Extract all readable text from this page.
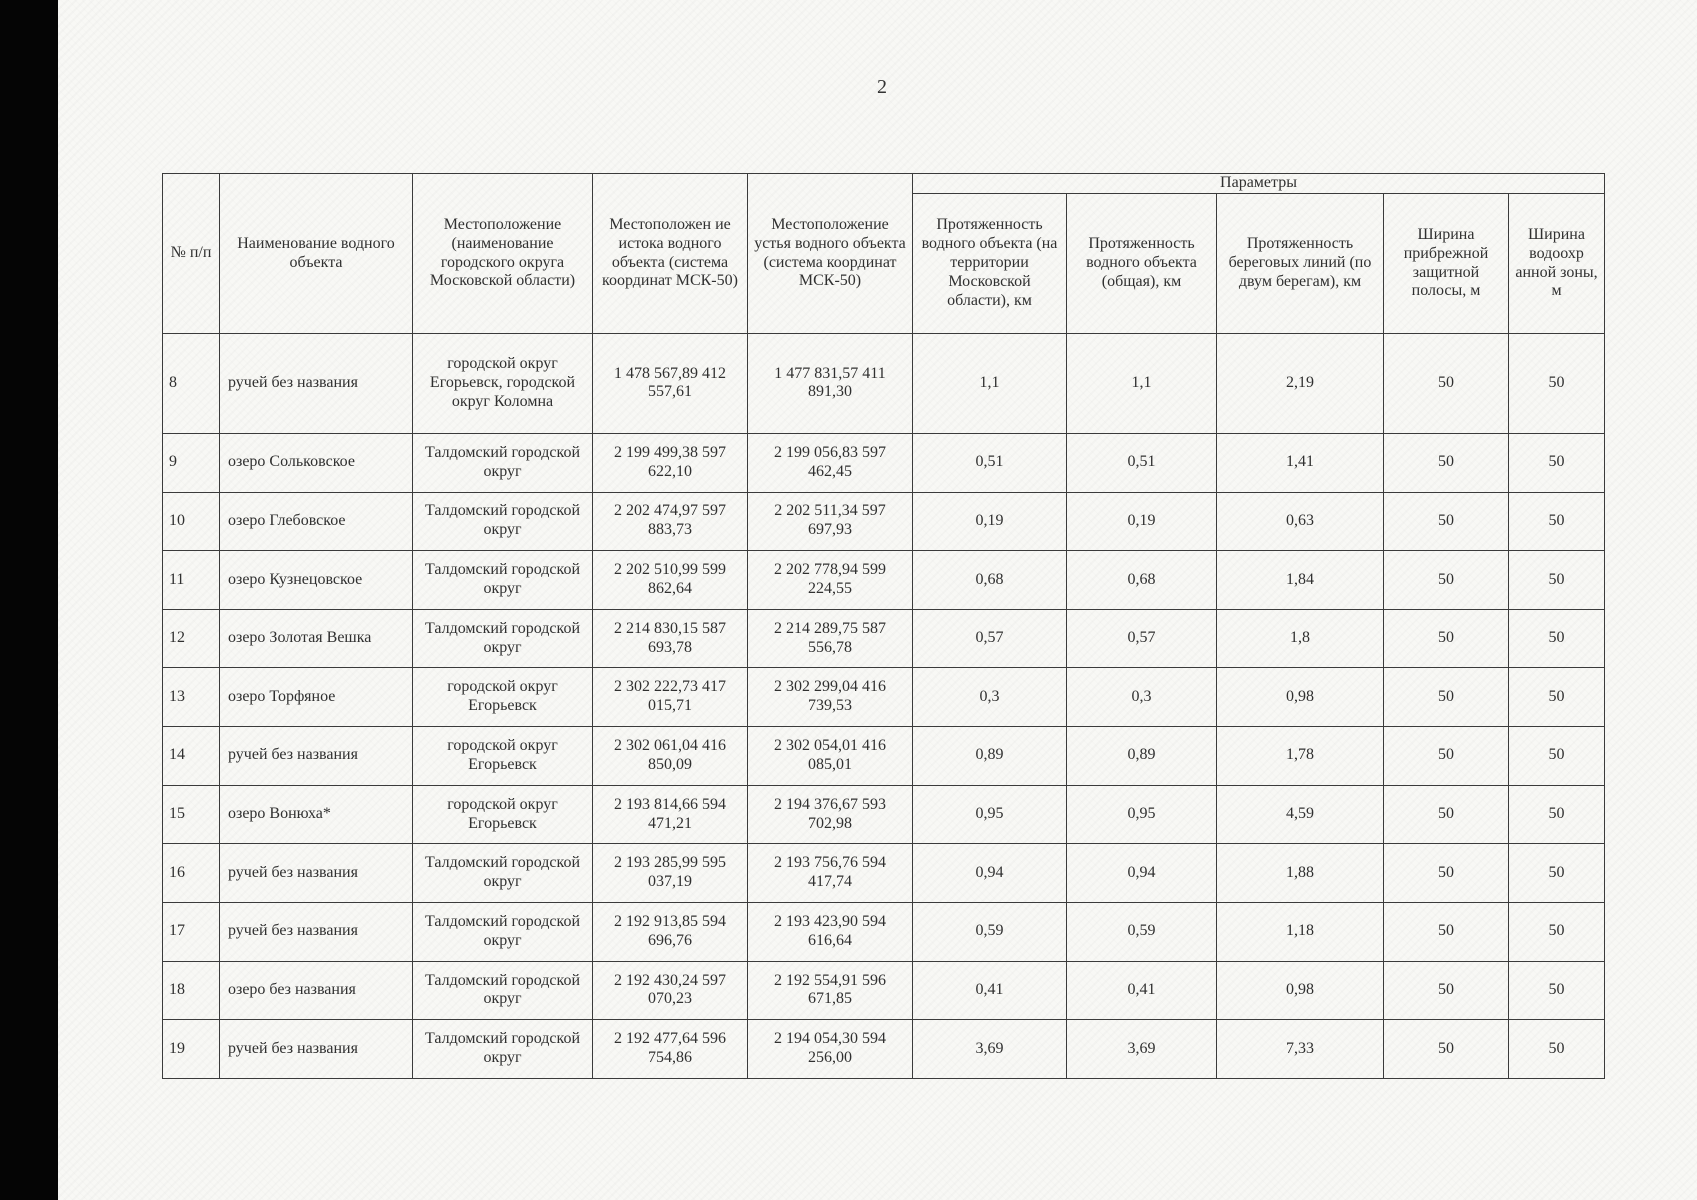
2
№ п/п	Наименование водного объекта	Местоположение (наименование городского округа Московской области)	Местоположен ие истока водного объекта (система координат МСК-50)	Местоположение устья водного объекта (система координат МСК-50)	Параметры				
					Протяженность водного объекта (на территории Московской области), км	Протяженность водного объекта (общая), км	Протяженность береговых линий (по двум берегам), км	Ширина прибрежной защитной полосы, м	Ширина водоохр анной зоны, м
8	ручей без названия	городской округ Егорьевск, городской округ Коломна	1 478 567,89 412 557,61	1 477 831,57 411 891,30	1,1	1,1	2,19	50	50
9	озеро Сольковское	Талдомский городской округ	2 199 499,38 597 622,10	2 199 056,83 597 462,45	0,51	0,51	1,41	50	50
10	озеро Глебовское	Талдомский городской округ	2 202 474,97 597 883,73	2 202 511,34 597 697,93	0,19	0,19	0,63	50	50
11	озеро Кузнецовское	Талдомский городской округ	2 202 510,99 599 862,64	2 202 778,94 599 224,55	0,68	0,68	1,84	50	50
12	озеро Золотая Вешка	Талдомский городской округ	2 214 830,15 587 693,78	2 214 289,75 587 556,78	0,57	0,57	1,8	50	50
13	озеро Торфяное	городской округ Егорьевск	2 302 222,73 417 015,71	2 302 299,04 416 739,53	0,3	0,3	0,98	50	50
14	ручей без названия	городской округ Егорьевск	2 302 061,04 416 850,09	2 302 054,01 416 085,01	0,89	0,89	1,78	50	50
15	озеро Вонюха*	городской округ Егорьевск	2 193 814,66 594 471,21	2 194 376,67 593 702,98	0,95	0,95	4,59	50	50
16	ручей без названия	Талдомский городской округ	2 193 285,99 595 037,19	2 193 756,76 594 417,74	0,94	0,94	1,88	50	50
17	ручей без названия	Талдомский городской округ	2 192 913,85 594 696,76	2 193 423,90 594 616,64	0,59	0,59	1,18	50	50
18	озеро без названия	Талдомский городской округ	2 192 430,24 597 070,23	2 192 554,91 596 671,85	0,41	0,41	0,98	50	50
19	ручей без названия	Талдомский городской округ	2 192 477,64 596 754,86	2 194 054,30 594 256,00	3,69	3,69	7,33	50	50
